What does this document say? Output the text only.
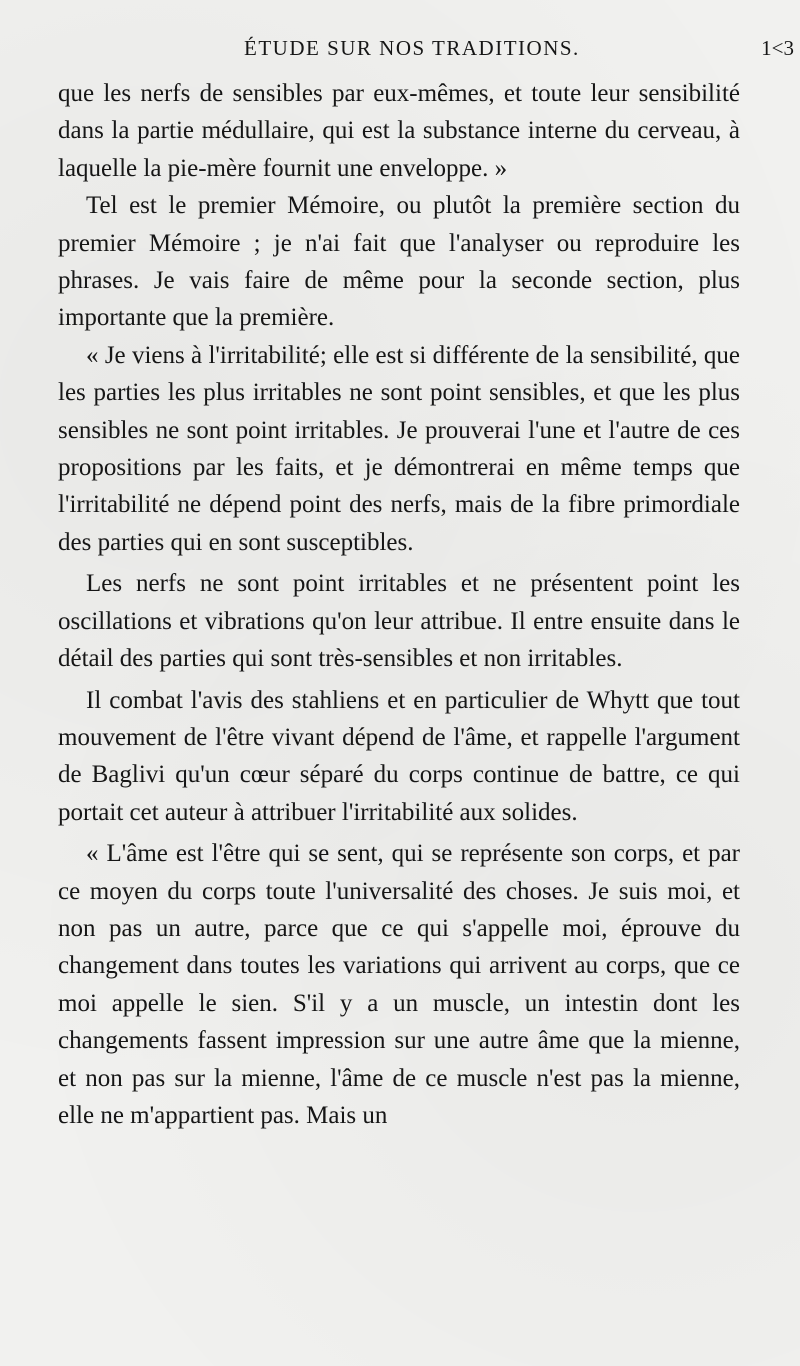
ÉTUDE SUR NOS TRADITIONS.	1<3

que les nerfs de sensibles par eux-mêmes, et toute leur sensibilité dans la partie médullaire, qui est la substance interne du cerveau, à laquelle la pie-mère fournit une enveloppe. »

Tel est le premier Mémoire, ou plutôt la première section du premier Mémoire ; je n'ai fait que l'analyser ou reproduire les phrases. Je vais faire de même pour la seconde section, plus importante que la première.

« Je viens à l'irritabilité; elle est si différente de la sensibilité, que les parties les plus irritables ne sont point sensibles, et que les plus sensibles ne sont point irritables. Je prouverai l'une et l'autre de ces propositions par les faits, et je démontrerai en même temps que l'irritabilité ne dépend point des nerfs, mais de la fibre primordiale des parties qui en sont susceptibles.

Les nerfs ne sont point irritables et ne présentent point les oscillations et vibrations qu'on leur attribue. Il entre ensuite dans le détail des parties qui sont très-sensibles et non irritables.

Il combat l'avis des stahliens et en particulier de Whytt que tout mouvement de l'être vivant dépend de l'âme, et rappelle l'argument de Baglivi qu'un cœur séparé du corps continue de battre, ce qui portait cet auteur à attribuer l'irritabilité aux solides.

« L'âme est l'être qui se sent, qui se représente son corps, et par ce moyen du corps toute l'universalité des choses. Je suis moi, et non pas un autre, parce que ce qui s'appelle moi, éprouve du changement dans toutes les variations qui arrivent au corps, que ce moi appelle le sien. S'il y a un muscle, un intestin dont les changements fassent impression sur une autre âme que la mienne, et non pas sur la mienne, l'âme de ce muscle n'est pas la mienne, elle ne m'appartient pas. Mais un
